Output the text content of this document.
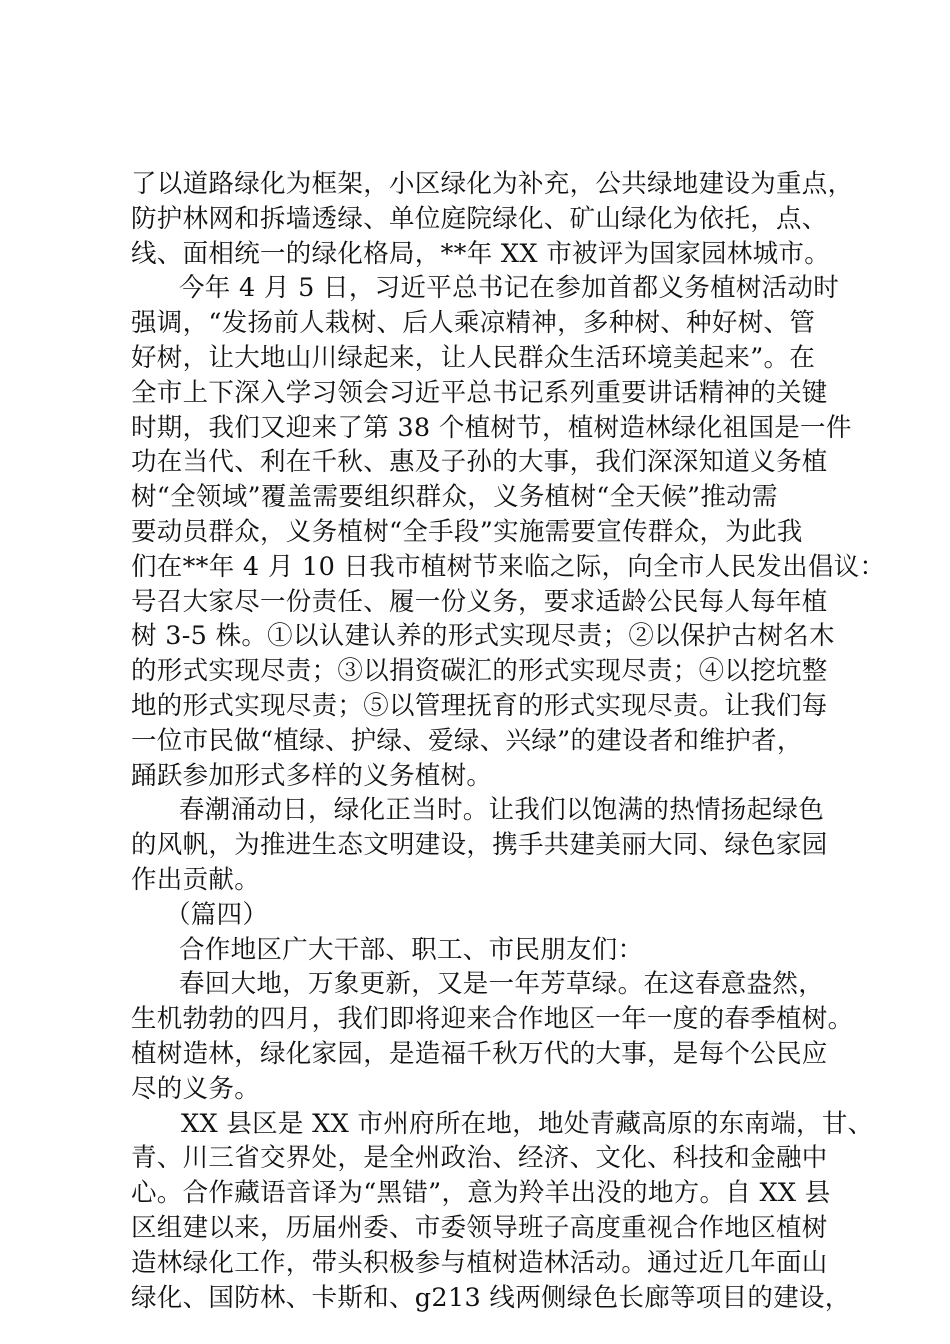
了以道路绿化为框架，小区绿化为补充，公共绿地建设为重点，
防护林网和拆墙透绿、单位庭院绿化、矿山绿化为依托，点、
线、面相统一的绿化格局，**年 XX 市被评为国家园林城市。
今年 4 月 5 日，习近平总书记在参加首都义务植树活动时
强调，“发扬前人栽树、后人乘凉精神，多种树、种好树、管
好树，让大地山川绿起来，让人民群众生活环境美起来”。在
全市上下深入学习领会习近平总书记系列重要讲话精神的关键
时期，我们又迎来了第 38 个植树节，植树造林绿化祖国是一件
功在当代、利在千秋、惠及子孙的大事，我们深深知道义务植
树“全领域”覆盖需要组织群众，义务植树“全天候”推动需
要动员群众，义务植树“全手段”实施需要宣传群众，为此我
们在**年 4 月 10 日我市植树节来临之际，向全市人民发出倡议：
号召大家尽一份责任、履一份义务，要求适龄公民每人每年植
树 3-5 株。①以认建认养的形式实现尽责；②以保护古树名木
的形式实现尽责；③以捐资碳汇的形式实现尽责；④以挖坑整
地的形式实现尽责；⑤以管理抚育的形式实现尽责。让我们每
一位市民做“植绿、护绿、爱绿、兴绿”的建设者和维护者，
踊跃参加形式多样的义务植树。
春潮涌动日，绿化正当时。让我们以饱满的热情扬起绿色
的风帆，为推进生态文明建设，携手共建美丽大同、绿色家园
作出贡献。
（篇四）
合作地区广大干部、职工、市民朋友们：
春回大地，万象更新，又是一年芳草绿。在这春意盎然，
生机勃勃的四月，我们即将迎来合作地区一年一度的春季植树。
植树造林，绿化家园，是造福千秋万代的大事，是每个公民应
尽的义务。
XX 县区是 XX 市州府所在地，地处青藏高原的东南端，甘、
青、川三省交界处，是全州政治、经济、文化、科技和金融中
心。合作藏语音译为“黑错”，意为羚羊出没的地方。自 XX 县
区组建以来，历届州委、市委领导班子高度重视合作地区植树
造林绿化工作，带头积极参与植树造林活动。通过近几年面山
绿化、国防林、卡斯和、g213 线两侧绿色长廊等项目的建设，
